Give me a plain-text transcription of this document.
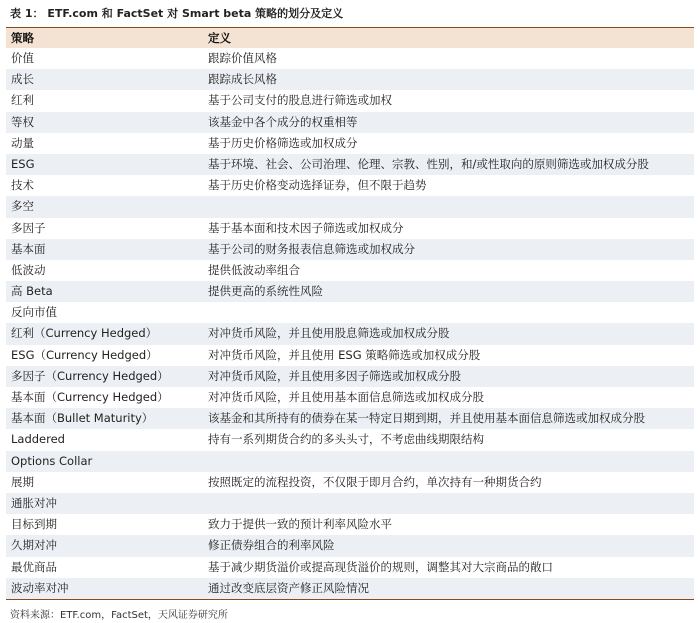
表 1： ETF.com 和 FactSet 对 Smart beta 策略的划分及定义
策略	定义
价值	跟踪价值风格
成长	跟踪成长风格
红利	基于公司支付的股息进行筛选或加权
等权	该基金中各个成分的权重相等
动量	基于历史价格筛选或加权成分
ESG	基于环境、社会、公司治理、伦理、宗教、性别，和/或性取向的原则筛选或加权成分股
技术	基于历史价格变动选择证券，但不限于趋势
多空
多因子	基于基本面和技术因子筛选或加权成分
基本面	基于公司的财务报表信息筛选或加权成分
低波动	提供低波动率组合
高 Beta	提供更高的系统性风险
反向市值
红利（Currency Hedged）	对冲货币风险，并且使用股息筛选或加权成分股
ESG（Currency Hedged）	对冲货币风险，并且使用 ESG 策略筛选或加权成分股
多因子（Currency Hedged）	对冲货币风险，并且使用多因子筛选或加权成分股
基本面（Currency Hedged）	对冲货币风险，并且使用基本面信息筛选或加权成分股
基本面（Bullet Maturity）	该基金和其所持有的债券在某一特定日期到期，并且使用基本面信息筛选或加权成分股
Laddered	持有一系列期货合约的多头头寸，不考虑曲线期限结构
Options Collar
展期	按照既定的流程投资，不仅限于即月合约，单次持有一种期货合约
通胀对冲
目标到期	致力于提供一致的预计利率风险水平
久期对冲	修正债券组合的利率风险
最优商品	基于减少期货溢价或提高现货溢价的规则，调整其对大宗商品的敞口
波动率对冲	通过改变底层资产修正风险情况
资料来源：ETF.com，FactSet，天风证券研究所
